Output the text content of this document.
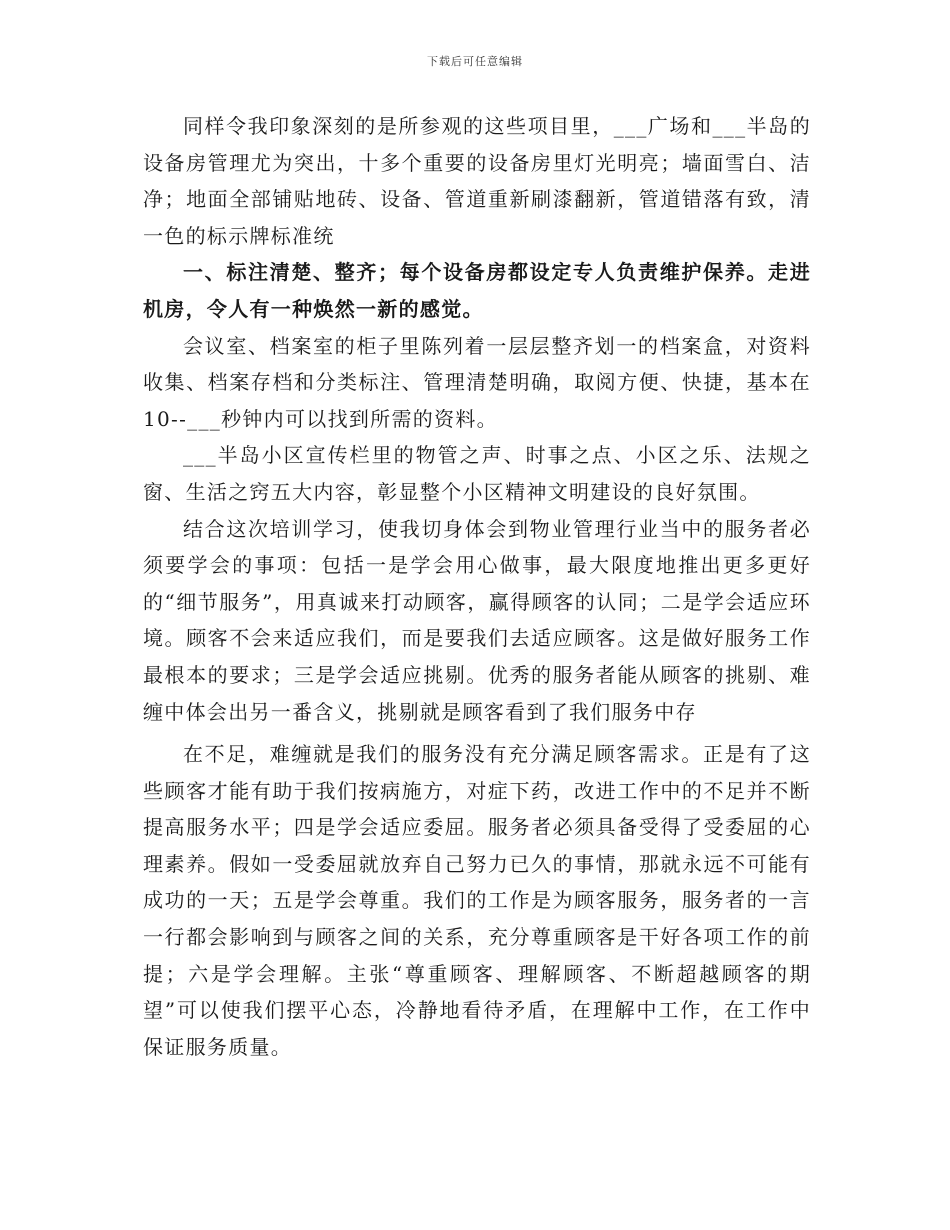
下载后可任意编辑

同样令我印象深刻的是所参观的这些项目里，___广场和___半岛的设备房管理尤为突出，十多个重要的设备房里灯光明亮；墙面雪白、洁净；地面全部铺贴地砖、设备、管道重新刷漆翻新，管道错落有致，清一色的标示牌标准统

一、标注清楚、整齐；每个设备房都设定专人负责维护保养。走进机房，令人有一种焕然一新的感觉。

会议室、档案室的柜子里陈列着一层层整齐划一的档案盒，对资料收集、档案存档和分类标注、管理清楚明确，取阅方便、快捷，基本在10--___秒钟内可以找到所需的资料。

___半岛小区宣传栏里的物管之声、时事之点、小区之乐、法规之窗、生活之窍五大内容，彰显整个小区精神文明建设的良好氛围。

结合这次培训学习，使我切身体会到物业管理行业当中的服务者必须要学会的事项：包括一是学会用心做事，最大限度地推出更多更好的“细节服务”，用真诚来打动顾客，赢得顾客的认同；二是学会适应环境。顾客不会来适应我们，而是要我们去适应顾客。这是做好服务工作最根本的要求；三是学会适应挑剔。优秀的服务者能从顾客的挑剔、难缠中体会出另一番含义，挑剔就是顾客看到了我们服务中存

在不足，难缠就是我们的服务没有充分满足顾客需求。正是有了这些顾客才能有助于我们按病施方，对症下药，改进工作中的不足并不断提高服务水平；四是学会适应委屈。服务者必须具备受得了受委屈的心理素养。假如一受委屈就放弃自己努力已久的事情，那就永远不可能有成功的一天；五是学会尊重。我们的工作是为顾客服务，服务者的一言一行都会影响到与顾客之间的关系，充分尊重顾客是干好各项工作的前提；六是学会理解。主张“尊重顾客、理解顾客、不断超越顾客的期望”可以使我们摆平心态，冷静地看待矛盾，在理解中工作，在工作中保证服务质量。
